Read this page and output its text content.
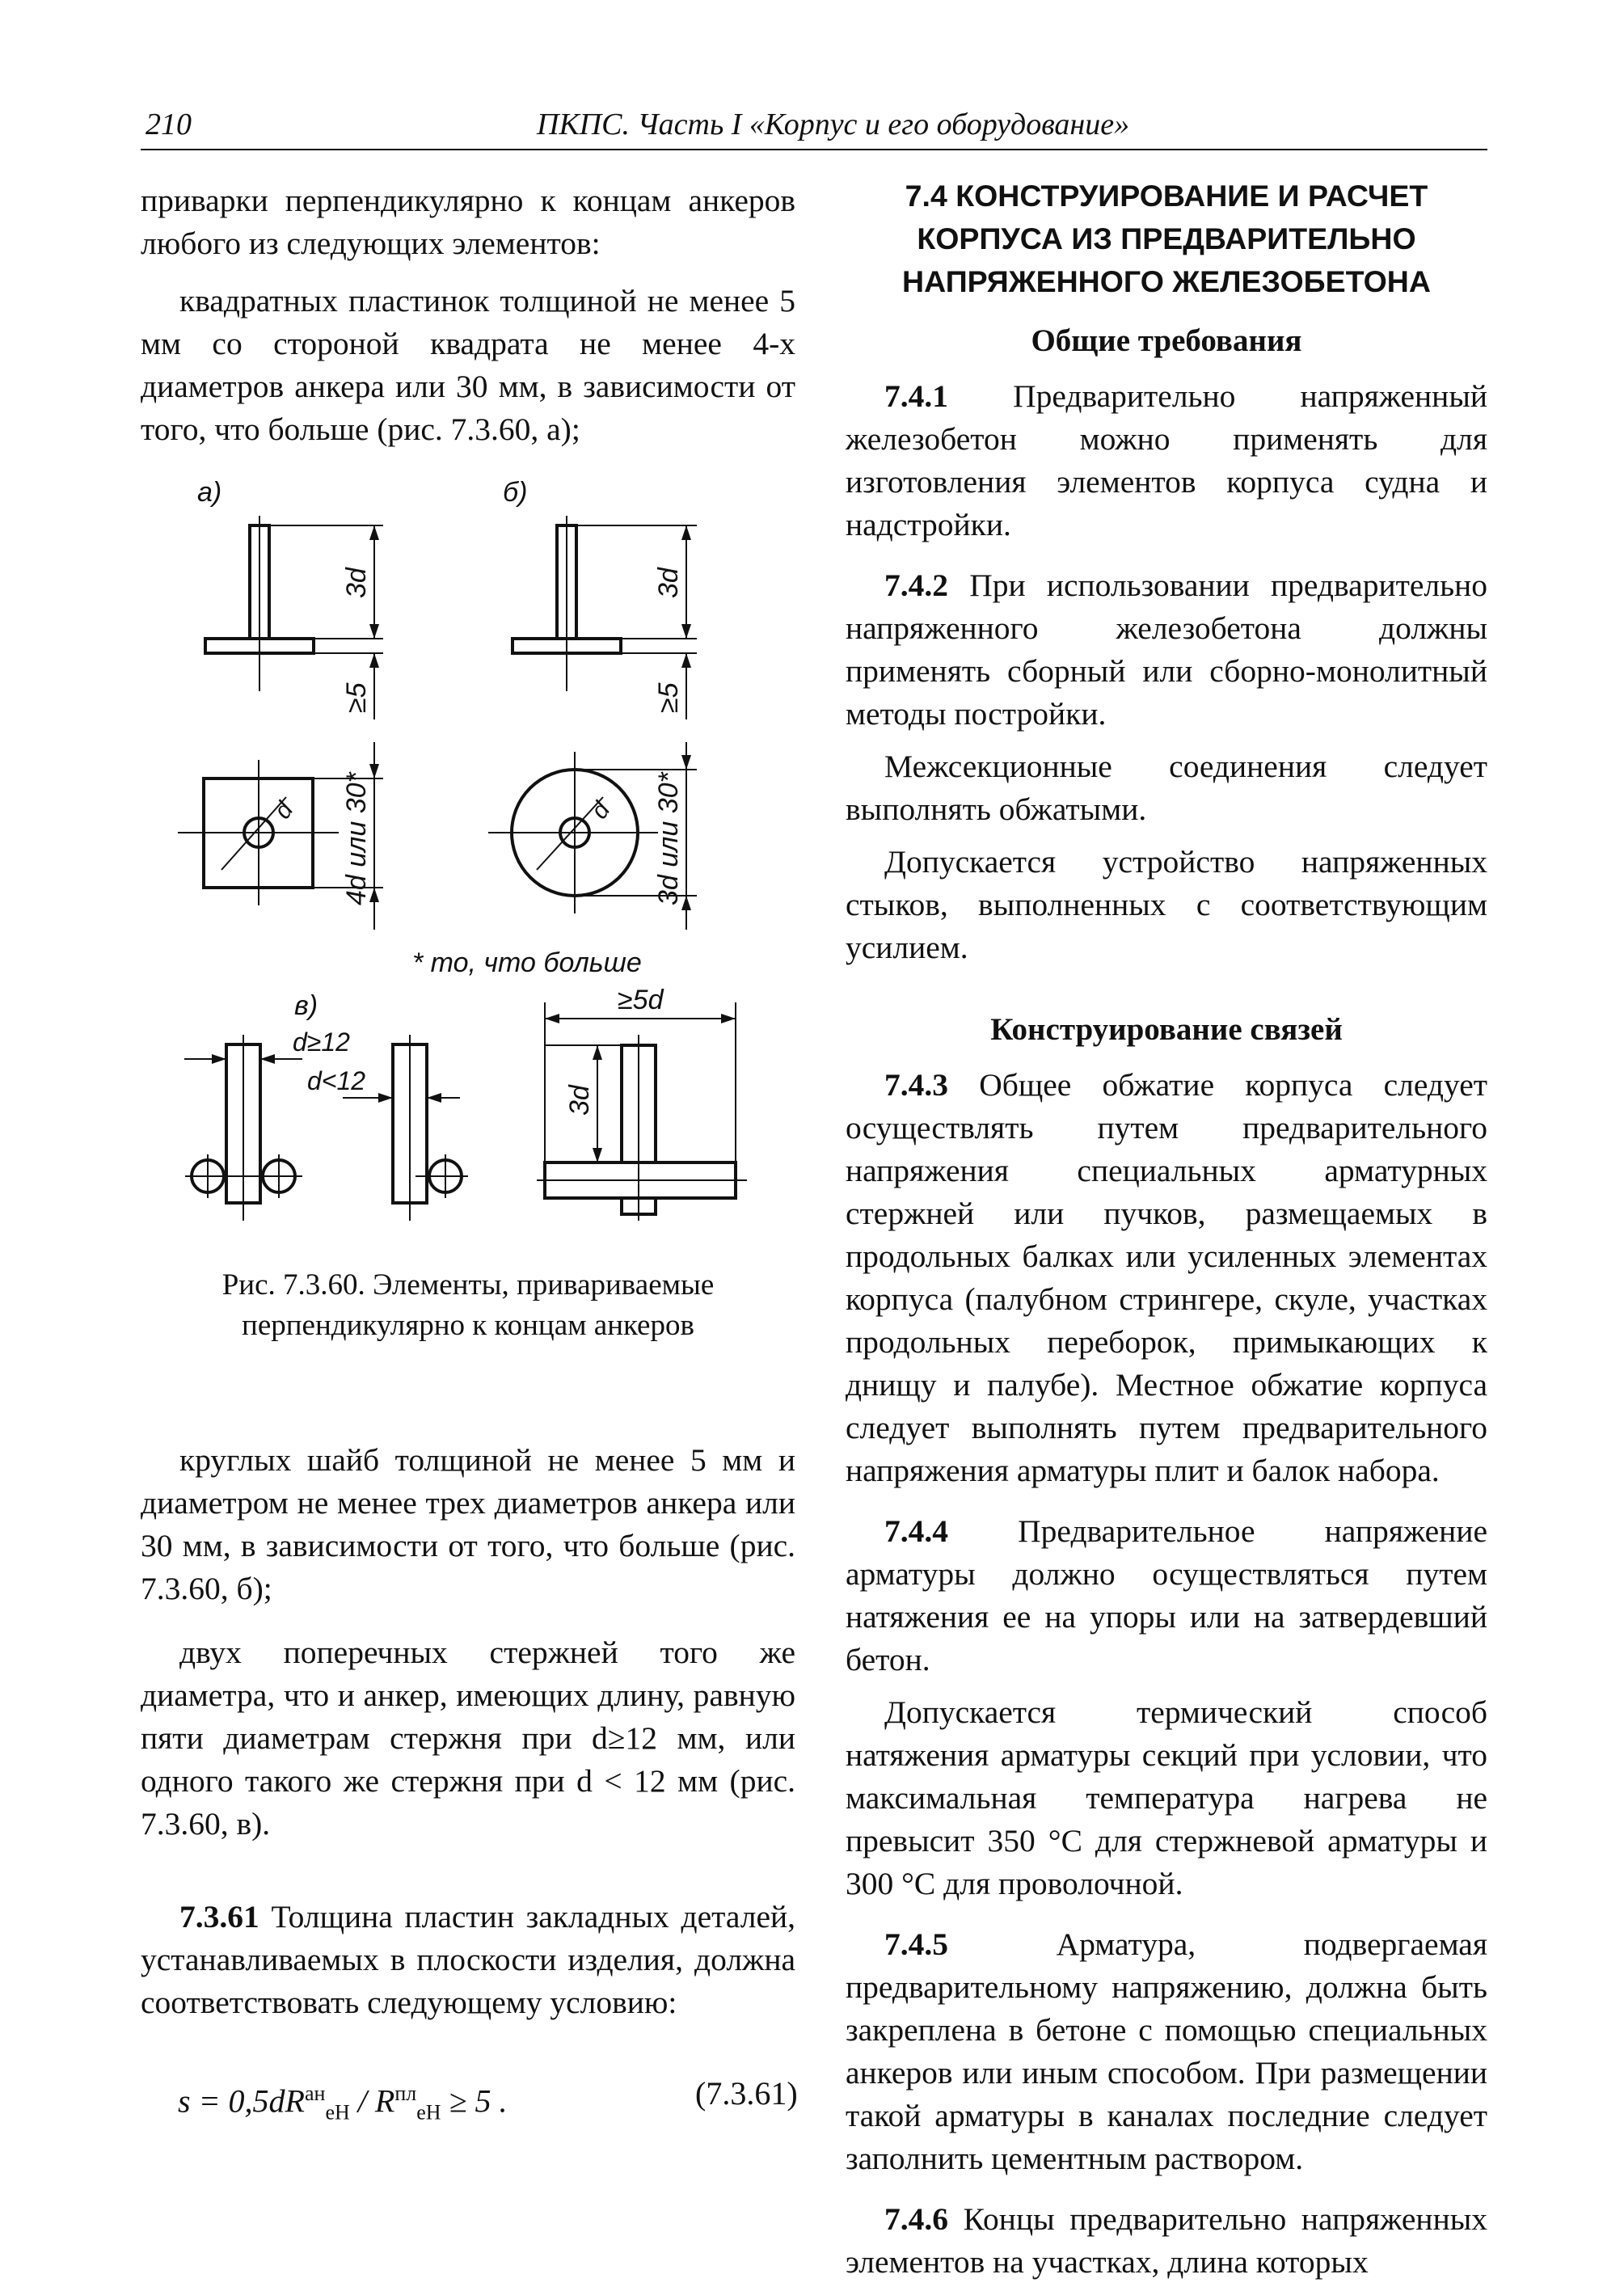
210	ПКПС. Часть I «Корпус и его оборудование»

приварки перпендикулярно к концам анкеров любого из следующих элементов:

квадратных пластинок толщиной не менее 5 мм со стороной квадрата не менее 4-х диаметров анкера или 30 мм, в зависимости от того, что больше (рис. 7.3.60, а);

а)	б)
в)
3d
≥5
3d
≥5
4d или 30*	3d или 30*
d	d
* то, что больше
d≥12
d<12
≥5d
3d
Рис. 7.3.60. Элементы, привариваемые
перпендикулярно к концам анкеров

круглых шайб толщиной не менее 5 мм и диаметром не менее трех диаметров анкера или 30 мм, в зависимости от того, что больше (рис. 7.3.60, б);

двух поперечных стержней того же диаметра, что и анкер, имеющих длину, равную пяти диаметрам стержня при d≥12 мм, или одного такого же стержня при d < 12 мм (рис. 7.3.60, в).

7.3.61 Толщина пластин закладных деталей, устанавливаемых в плоскости изделия, должна соответствовать следующему условию:

$s = 0,5dR^{ан}_{eH} / R^{пл}_{eH} \ge 5$ .	(7.3.61)
7.4 КОНСТРУИРОВАНИЕ И РАСЧЕТ
КОРПУСА ИЗ ПРЕДВАРИТЕЛЬНО
НАПРЯЖЕННОГО ЖЕЛЕЗОБЕТОНА
Общие требования

7.4.1 Предварительно напряженный железобетон можно применять для изготовления элементов корпуса судна и надстройки.

7.4.2 При использовании предварительно напряженного железобетона должны применять сборный или сборно-монолитный методы постройки.

Межсекционные соединения следует выполнять обжатыми.

Допускается устройство напряженных стыков, выполненных с соответствующим усилием.

Конструирование связей

7.4.3 Общее обжатие корпуса следует осуществлять путем предварительного напряжения специальных арматурных стержней или пучков, размещаемых в продольных балках или усиленных элементах корпуса (палубном стрингере, скуле, участках продольных переборок, примыкающих к днищу и палубе). Местное обжатие корпуса следует выполнять путем предварительного напряжения арматуры плит и балок набора.

7.4.4 Предварительное напряжение арматуры должно осуществляться путем натяжения ее на упоры или на затвердевший бетон.

Допускается термический способ натяжения арматуры секций при условии, что максимальная температура нагрева не превысит 350 °С для стержневой арматуры и 300 °С для проволочной.

7.4.5 Арматура, подвергаемая предварительному напряжению, должна быть закреплена в бетоне с помощью специальных анкеров или иным способом. При размещении такой арматуры в каналах последние следует заполнить цементным раствором.

7.4.6 Концы предварительно напряженных элементов на участках, длина которых
